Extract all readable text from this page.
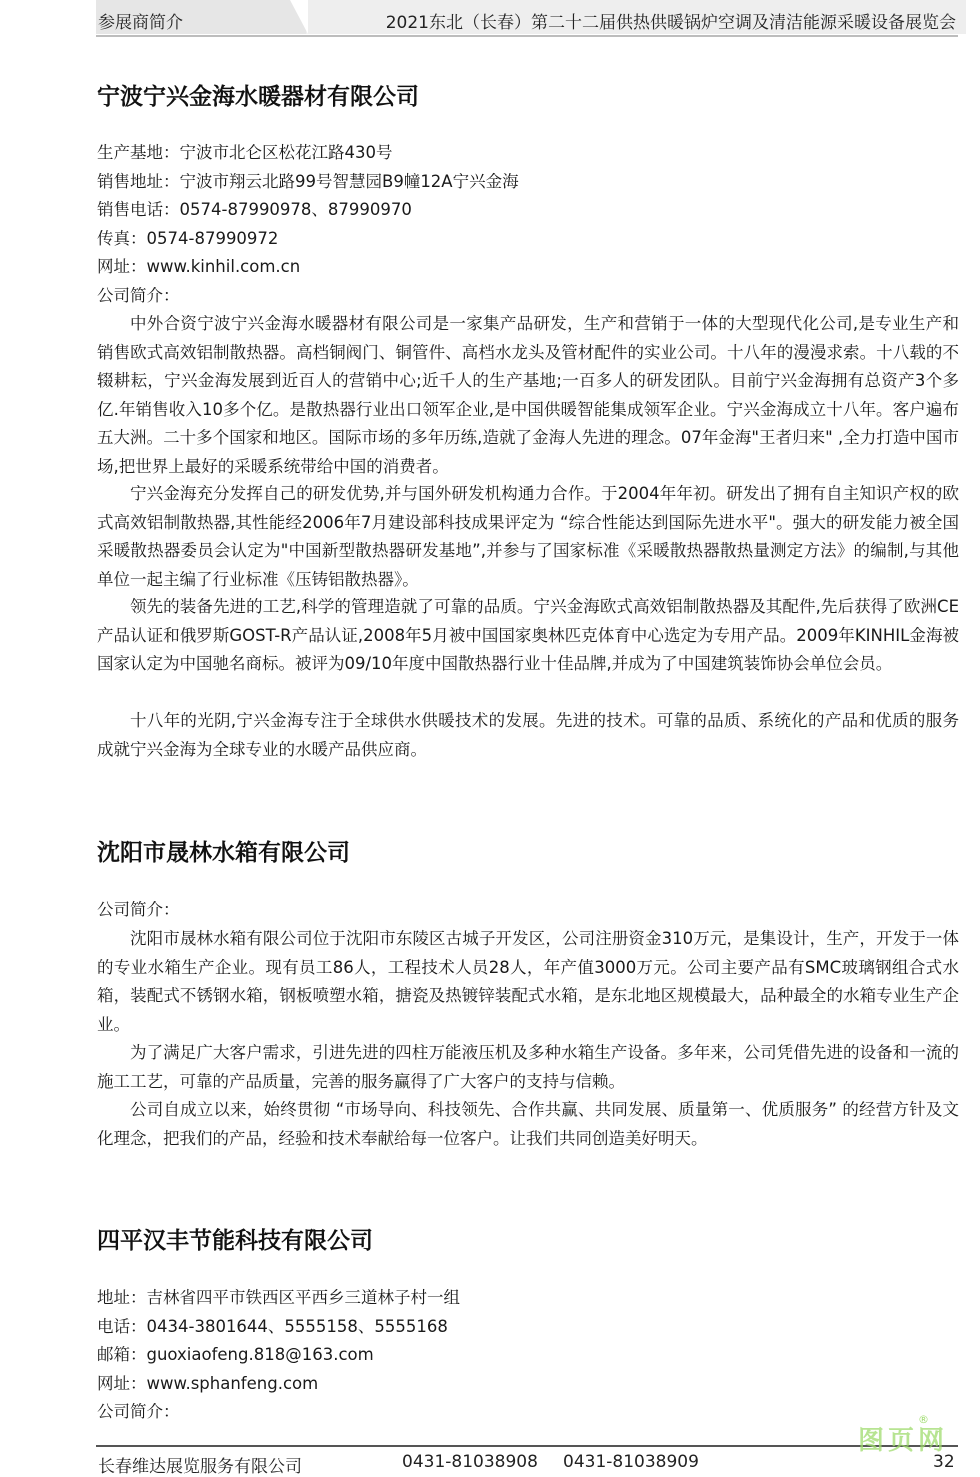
参展商简介	2021东北（长春）第二十二届供热供暖锅炉空调及清洁能源采暖设备展览会
宁波宁兴金海水暖器材有限公司
生产基地：宁波市北仑区松花江路430号
销售地址：宁波市翔云北路99号智慧园B9幢12A宁兴金海
销售电话：0574-87990978、87990970
传真：0574-87990972
网址：www.kinhil.com.cn
公司简介：

中外合资宁波宁兴金海水暖器材有限公司是一家集产品研发，生产和营销于一体的大型现代化公司,是专业生产和销售欧式高效铝制散热器。高档铜阀门、铜管件、高档水龙头及管材配件的实业公司。十八年的漫漫求索。十八载的不辍耕耘，宁兴金海发展到近百人的营销中心;近千人的生产基地;一百多人的研发团队。目前宁兴金海拥有总资产3个多亿.年销售收入10多个亿。是散热器行业出口领军企业,是中国供暖智能集成领军企业。宁兴金海成立十八年。客户遍布五大洲。二十多个国家和地区。国际市场的多年历练,造就了金海人先进的理念。07年金海"王者归来" ,全力打造中国市场,把世界上最好的采暖系统带给中国的消费者。

宁兴金海充分发挥自己的研发优势,并与国外研发机构通力合作。于2004年年初。研发出了拥有自主知识产权的欧式高效铝制散热器,其性能经2006年7月建设部科技成果评定为 “综合性能达到国际先进水平"。强大的研发能力被全国采暖散热器委员会认定为"中国新型散热器研发基地”,并参与了国家标准《采暖散热器散热量测定方法》的编制,与其他单位一起主编了行业标准《压铸铝散热器》。

领先的装备先进的工艺,科学的管理造就了可靠的品质。宁兴金海欧式高效铝制散热器及其配件,先后获得了欧洲CE产品认证和俄罗斯GOST-R产品认证,2008年5月被中国国家奥林匹克体育中心选定为专用产品。2009年KINHIL金海被国家认定为中国驰名商标。被评为09/10年度中国散热器行业十佳品牌,并成为了中国建筑装饰协会单位会员。

十八年的光阴,宁兴金海专注于全球供水供暖技术的发展。先进的技术。可靠的品质、系统化的产品和优质的服务成就宁兴金海为全球专业的水暖产品供应商。

沈阳市晟林水箱有限公司
公司简介：

沈阳市晟林水箱有限公司位于沈阳市东陵区古城子开发区，公司注册资金310万元，是集设计，生产，开发于一体的专业水箱生产企业。现有员工86人，工程技术人员28人，年产值3000万元。公司主要产品有SMC玻璃钢组合式水箱，装配式不锈钢水箱，钢板喷塑水箱，搪瓷及热镀锌装配式水箱，是东北地区规模最大，品种最全的水箱专业生产企业。

为了满足广大客户需求，引进先进的四柱万能液压机及多种水箱生产设备。多年来，公司凭借先进的设备和一流的施工工艺，可靠的产品质量，完善的服务赢得了广大客户的支持与信赖。

公司自成立以来，始终贯彻 “市场导向、科技领先、合作共赢、共同发展、质量第一、优质服务” 的经营方针及文化理念，把我们的产品，经验和技术奉献给每一位客户。让我们共同创造美好明天。

四平汉丰节能科技有限公司
地址：吉林省四平市铁西区平西乡三道林子村一组
电话：0434-3801644、5555158、5555168
邮箱：guoxiaofeng.818@163.com
网址：www.sphanfeng.com
公司简介：
长春维达展览服务有限公司	0431-81038908 0431-81038909	32
图页网
®
